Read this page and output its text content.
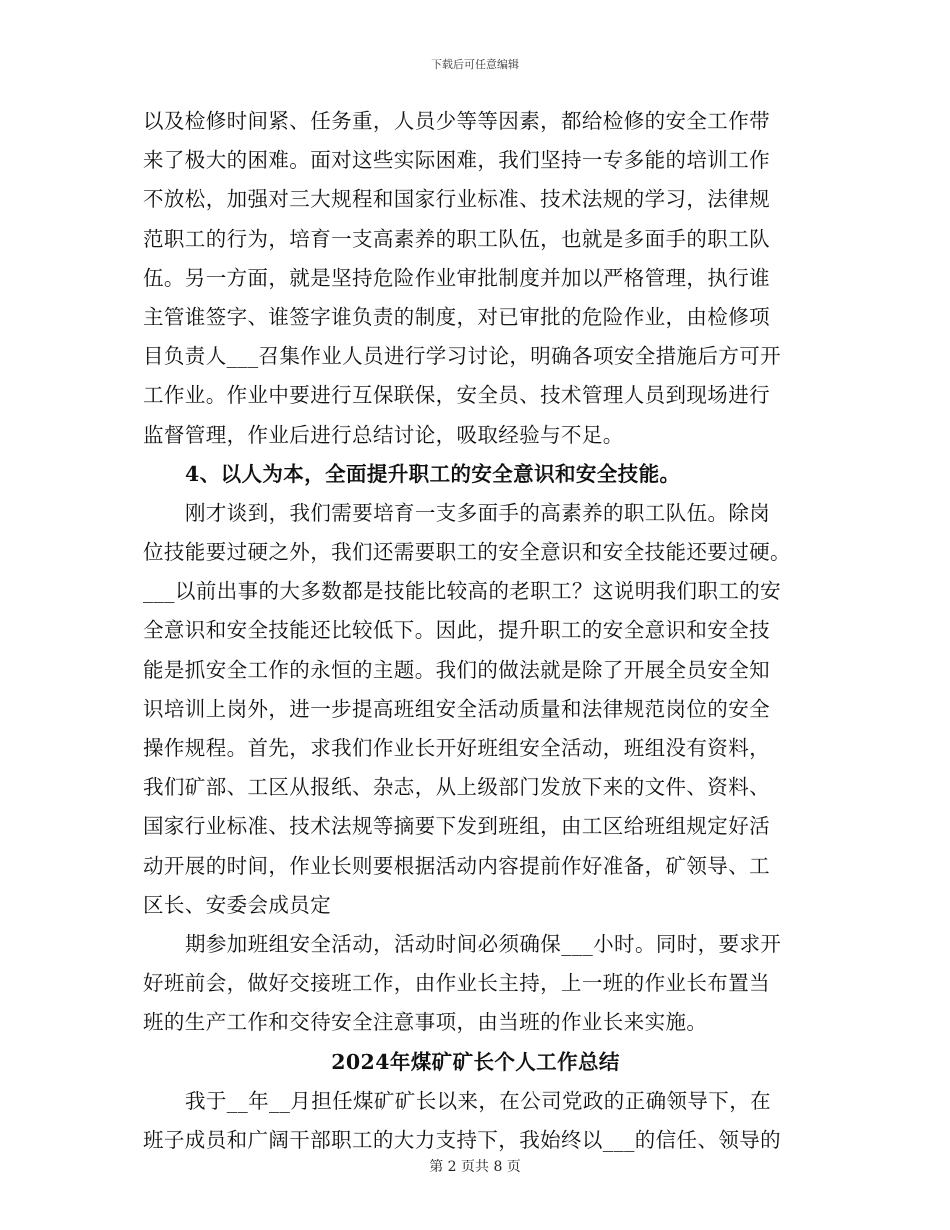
下载后可任意编辑
以及检修时间紧、任务重，人员少等等因素，都给检修的安全工作带
来了极大的困难。面对这些实际困难，我们坚持一专多能的培训工作
不放松，加强对三大规程和国家行业标准、技术法规的学习，法律规
范职工的行为，培育一支高素养的职工队伍，也就是多面手的职工队
伍。另一方面，就是坚持危险作业审批制度并加以严格管理，执行谁
主管谁签字、谁签字谁负责的制度，对已审批的危险作业，由检修项
目负责人___召集作业人员进行学习讨论，明确各项安全措施后方可开
工作业。作业中要进行互保联保，安全员、技术管理人员到现场进行
监督管理，作业后进行总结讨论，吸取经验与不足。
4、以人为本，全面提升职工的安全意识和安全技能。
刚才谈到，我们需要培育一支多面手的高素养的职工队伍。除岗
位技能要过硬之外，我们还需要职工的安全意识和安全技能还要过硬。
___以前出事的大多数都是技能比较高的老职工？这说明我们职工的安
全意识和安全技能还比较低下。因此，提升职工的安全意识和安全技
能是抓安全工作的永恒的主题。我们的做法就是除了开展全员安全知
识培训上岗外，进一步提高班组安全活动质量和法律规范岗位的安全
操作规程。首先，求我们作业长开好班组安全活动，班组没有资料，
我们矿部、工区从报纸、杂志，从上级部门发放下来的文件、资料、
国家行业标准、技术法规等摘要下发到班组，由工区给班组规定好活
动开展的时间，作业长则要根据活动内容提前作好准备，矿领导、工
区长、安委会成员定
期参加班组安全活动，活动时间必须确保___小时。同时，要求开
好班前会，做好交接班工作，由作业长主持，上一班的作业长布置当
班的生产工作和交待安全注意事项，由当班的作业长来实施。
2024年煤矿矿长个人工作总结
我于__年__月担任煤矿矿长以来，在公司党政的正确领导下，在
班子成员和广阔干部职工的大力支持下，我始终以___的信任、领导的
第 2 页共 8 页
